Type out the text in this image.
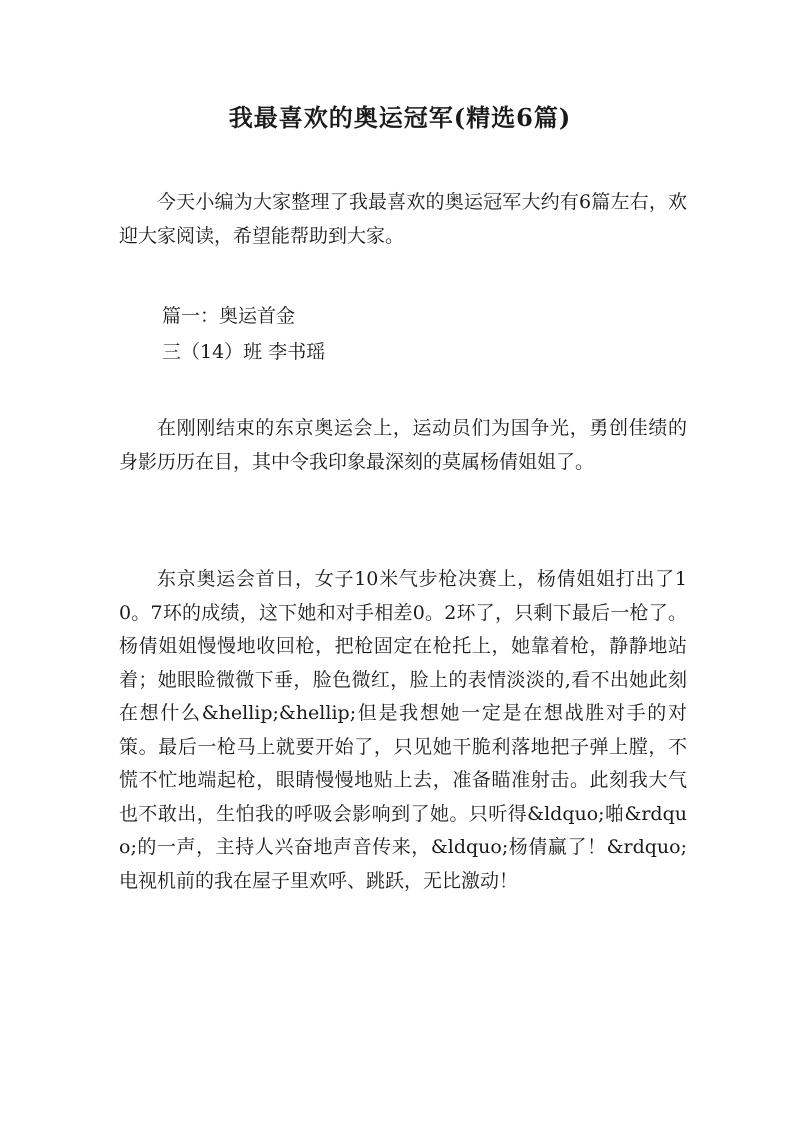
我最喜欢的奥运冠军(精选6篇)

今天小编为大家整理了我最喜欢的奥运冠军大约有6篇左右，欢迎大家阅读，希望能帮助到大家。

篇一：奥运首金
三（14）班 李书瑶

在刚刚结束的东京奥运会上，运动员们为国争光，勇创佳绩的身影历历在目，其中令我印象最深刻的莫属杨倩姐姐了。

东京奥运会首日，女子10米气步枪决赛上，杨倩姐姐打出了10。7环的成绩，这下她和对手相差0。2环了，只剩下最后一枪了。杨倩姐姐慢慢地收回枪，把枪固定在枪托上，她靠着枪，静静地站着；她眼睑微微下垂，脸色微红，脸上的表情淡淡的,看不出她此刻在想什么&hellip;&hellip;但是我想她一定是在想战胜对手的对策。最后一枪马上就要开始了，只见她干脆利落地把子弹上膛，不慌不忙地端起枪，眼睛慢慢地贴上去，准备瞄准射击。此刻我大气也不敢出，生怕我的呼吸会影响到了她。只听得&ldquo;啪&rdquo;的一声，主持人兴奋地声音传来，&ldquo;杨倩赢了！&rdquo;电视机前的我在屋子里欢呼、跳跃，无比激动！
